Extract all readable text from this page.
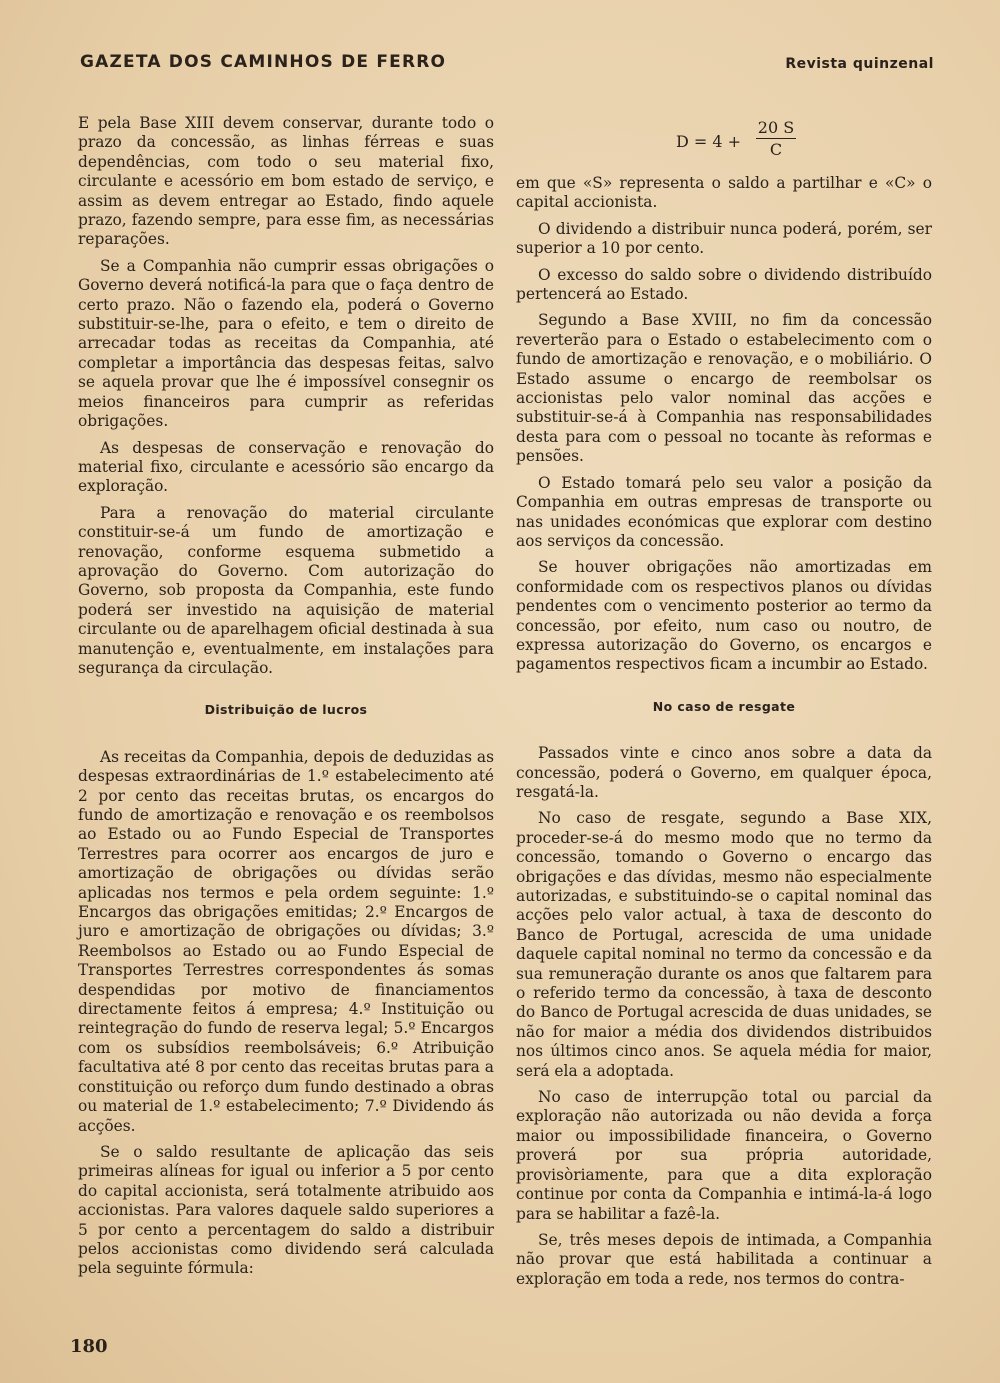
GAZETA DOS CAMINHOS DE FERRO	Revista quinzenal

E pela Base XIII devem conservar, durante todo o prazo da concessão, as linhas férreas e suas dependências, com todo o seu material fixo, circulante e acessório em bom estado de serviço, e assim as devem entregar ao Estado, findo aquele prazo, fazendo sempre, para esse fim, as necessárias reparações.

Se a Companhia não cumprir essas obrigações o Governo deverá notificá-la para que o faça dentro de certo prazo. Não o fazendo ela, poderá o Governo substituir-se-lhe, para o efeito, e tem o direito de arrecadar todas as receitas da Companhia, até completar a importância das despesas feitas, salvo se aquela provar que lhe é impossível consegnir os meios financeiros para cumprir as referidas obrigações.

As despesas de conservação e renovação do material fixo, circulante e acessório são encargo da exploração.

Para a renovação do material circulante constituir-se-á um fundo de amortização e renovação, conforme esquema submetido a aprovação do Governo. Com autorização do Governo, sob proposta da Companhia, este fundo poderá ser investido na aquisição de material circulante ou de aparelhagem oficial destinada à sua manutenção e, eventualmente, em instalações para segurança da circulação.

Distribuição de lucros

As receitas da Companhia, depois de deduzidas as despesas extraordinárias de 1.º estabelecimento até 2 por cento das receitas brutas, os encargos do fundo de amortização e renovação e os reembolsos ao Estado ou ao Fundo Especial de Transportes Terrestres para ocorrer aos encargos de juro e amortização de obrigações ou dívidas serão aplicadas nos termos e pela ordem seguinte: 1.º Encargos das obrigações emitidas; 2.º Encargos de juro e amortização de obrigações ou dívidas; 3.º Reembolsos ao Estado ou ao Fundo Especial de Transportes Terrestres correspondentes ás somas despendidas por motivo de financiamentos directamente feitos á empresa; 4.º Instituição ou reintegração do fundo de reserva legal; 5.º Encargos com os subsídios reembolsáveis; 6.º Atribuição facultativa até 8 por cento das receitas brutas para a constituição ou reforço dum fundo destinado a obras ou material de 1.º estabelecimento; 7.º Dividendo ás acções.

Se o saldo resultante de aplicação das seis primeiras alíneas for igual ou inferior a 5 por cento do capital accionista, será totalmente atribuido aos accionistas. Para valores daquele saldo superiores a 5 por cento a percentagem do saldo a distribuir pelos accionistas como dividendo será calculada pela seguinte fórmula:

$D = 4 + \frac{20 S}{C}$

em que «S» representa o saldo a partilhar e «C» o capital accionista.

O dividendo a distribuir nunca poderá, porém, ser superior a 10 por cento.

O excesso do saldo sobre o dividendo distribuído pertencerá ao Estado.

Segundo a Base XVIII, no fim da concessão reverterão para o Estado o estabelecimento com o fundo de amortização e renovação, e o mobiliário. O Estado assume o encargo de reembolsar os accionistas pelo valor nominal das acções e substituir-se-á à Companhia nas responsabilidades desta para com o pessoal no tocante às reformas e pensões.

O Estado tomará pelo seu valor a posição da Companhia em outras empresas de transporte ou nas unidades económicas que explorar com destino aos serviços da concessão.

Se houver obrigações não amortizadas em conformidade com os respectivos planos ou dívidas pendentes com o vencimento posterior ao termo da concessão, por efeito, num caso ou noutro, de expressa autorização do Governo, os encargos e pagamentos respectivos ficam a incumbir ao Estado.

No caso de resgate

Passados vinte e cinco anos sobre a data da concessão, poderá o Governo, em qualquer época, resgatá-la.

No caso de resgate, segundo a Base XIX, proceder-se-á do mesmo modo que no termo da concessão, tomando o Governo o encargo das obrigações e das dívidas, mesmo não especialmente autorizadas, e substituindo-se o capital nominal das acções pelo valor actual, à taxa de desconto do Banco de Portugal, acrescida de uma unidade daquele capital nominal no termo da concessão e da sua remuneração durante os anos que faltarem para o referido termo da concessão, à taxa de desconto do Banco de Portugal acrescida de duas unidades, se não for maior a média dos dividendos distribuidos nos últimos cinco anos. Se aquela média for maior, será ela a adoptada.

No caso de interrupção total ou parcial da exploração não autorizada ou não devida a força maior ou impossibilidade financeira, o Governo proverá por sua própria autoridade, provisòriamente, para que a dita exploração continue por conta da Companhia e intimá-la-á logo para se habilitar a fazê-la.

Se, três meses depois de intimada, a Companhia não provar que está habilitada a continuar a exploração em toda a rede, nos termos do contra-

180
